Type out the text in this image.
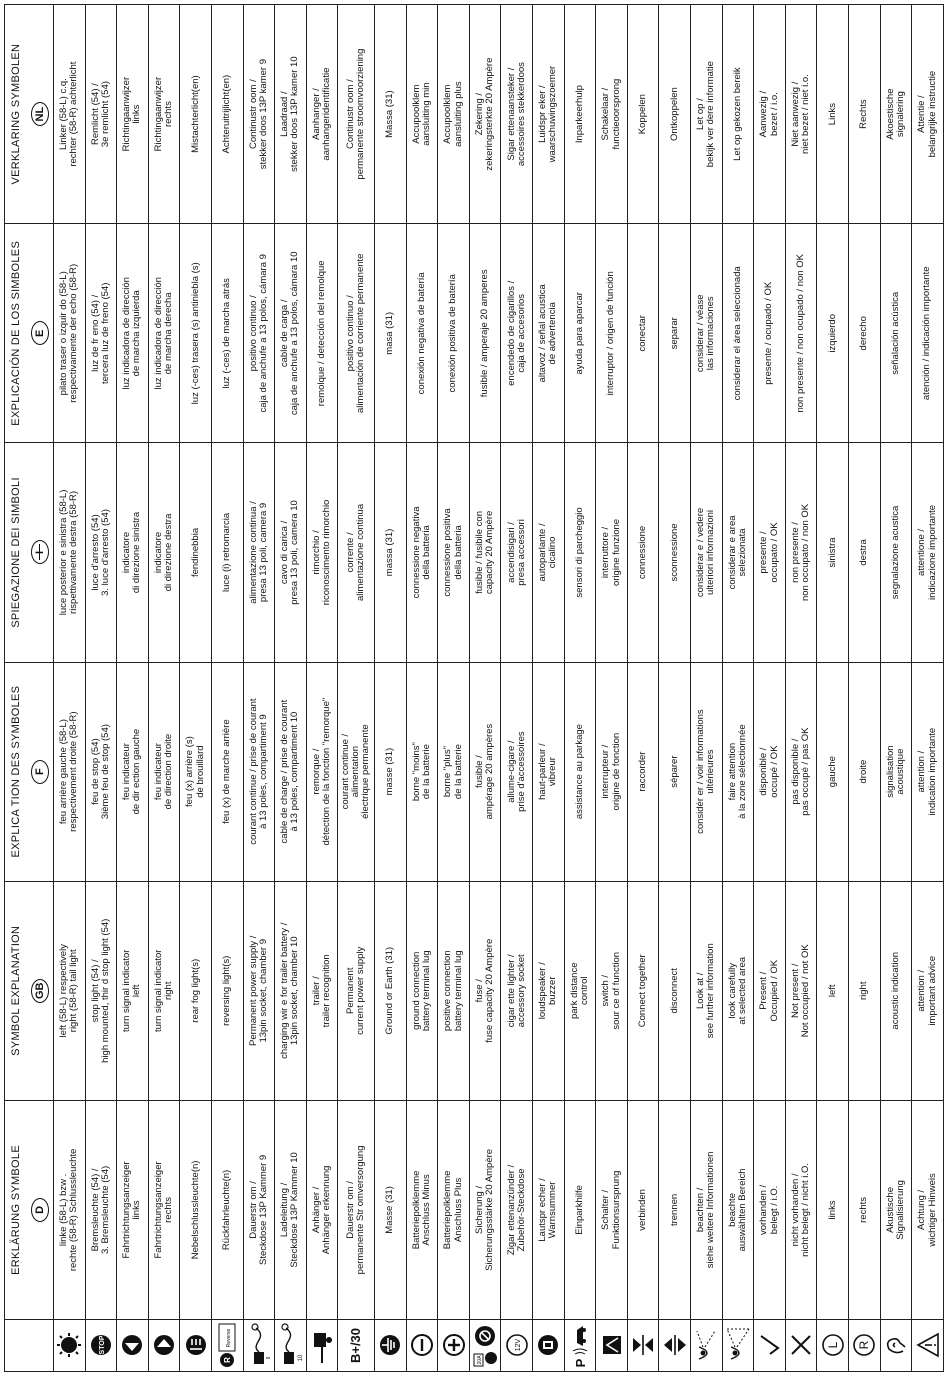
	ERKLÄRUNG SYMBOLE	SYMBOL EXPLANATION	EXPLICA TION DES SYMBOLES	SPIEGAZIONE DEI SIMBOLI	EXPLICACIÓN DE LOS SIMBOLES	VERKLARING SYMBOLEN
	D	GB	F	I	E	NL

	linke (58-L) bzw .
rechte (58-R) Schlussleuchte	left (58-L) respectively
right (58-R) tail light	feu arrière gauche (58-L)
respectivement droite (58-R)	luce posterior e sinistra (58-L)
rispettivamente destra (58-R)	pilato traser o izquir do (58-L)
respectivamente der echo (58-R)	Linker (58-L) c.q.
rechter (58-R) achterlicht

STOP	Bremsleuchte (54) /
3. Bremsleuchte (54)	stop light (54) /
high mounted, thir d stop light (54)	feu de stop (54)
3ième feu de stop (54)	luce d'arresto (54)
3. luce d'arresto (54)	luz de fr eno (54) /
tercera luz de freno (54)	Remlicht (54) /
3e remlicht (54)

	Fahrtrichtungsanzeiger
links	turn signal indicator
left	feu indicateur
de dir ection gauche	indicatore
di direzione sinistra	luz indicadora de dirección
de marcha izquierda	Richtingaanwijzer
links

	Fahrtrichtungsanzeiger
rechts	turn signal indicator
right	feu indicateur
de direction droite	indicatore
di direzione destra	luz indicadora de dirección
de marcha derecha	Richtingaanwijzer
rechts

	Nebelschlussleuchte(n)	rear fog light(s)	feu (x) arrière (s)
de brouillard	fendinebbia	luz (-ces) trasera (s) antiniebla (s)	Mistachterlicht(en)

R
Reverse	Rückfahrleuchte(n)	reversing light(s)	feu (x) de marche arrière	luce (i) retromarcia	luz (-ces) de marcha atrás	Achteruitrijlicht(en)

9	Dauerstr om /
Steckdose 13P Kammer 9	Permanent power supply /
13pin socket, chamber 9	courant continue / prise de courant
à 13 poles, compartiment 9	alimentazione continua /
presa 13 poli, camera 9	positivo continuo /
caja de anchufe a 13 polos, cámara 9	Continustr oom /
stekker doos 13P kamer 9

10	Ladeleitung /
Steckdose 13P Kammer 10	charging wir e for trailer battery /
13pin socket, chamber 10	cable de charge / prise de courant
à 13 poles, compartiment 10	cavo di carica /
presa 13 poli, camera 10	cable de carga /
caja de anchufe a 13 polos, cámara 10	Laadraad /
stekker doos 13P kamer 10

	Anhänger /
Anhänger erkennung	trailer /
trailer recognition	remorque /
détection de la fonction "remorque"	rimorchio /
riconoscimento rimorchio	remolque / detección del remolque	Aanhanger /
aanhangeridentificatie
B+/30	Dauerstr om /
permanente Str omversorgung	Permanent
current power supply	courant continue /
alimentation
électrique permanente	corrente /
alimentazione continua	positivo continuo /
alimentación de corriente permanente	Continustr oom /
permanente stroomvoorziening

	Masse (31)	Ground or Earth (31)	masse (31)	massa (31)	masa (31)	Massa (31)

	Batteriepolklemme
Anschluss Minus	ground connection
battery terminal lug	borne "moins"
de la batterie	connessione negativa
della batteria	conexión negativa de batería	Accupoolklem
aansluiting min

	Batteriepolklemme
Anschluss Plus	positive connection
battery terminal lug	borne "plus"
de la batterie	connessione positiva
della batteria	conexión positiva de batería	Accupoolklem
aansluiting plus

20A	Sicherung /
Sicherungsstärke 20 Ampère	fuse /
fuse capacity 20 Ampère	fusible /
ampérage 20 ampères	fusible / fusibile con
capacity 20 Ampère	fusible / amperaje 20 amperes	Zekering /
zekeringsterkte 20 Ampère

12V	Zigar ettenanzünder /
Zubehör-Steckdose	cigar ette lighter /
accessory socket	allume-cigare /
prise d'accessoires	accendisigari /
presa accessori	encendedo de cigarillos /
caja de accesorios	Sigar ettenaansteker /
accessoires stekkerdoos

	Lautspr echer /
Warnsummer	loudspeaker /
buzzer	haut-parleur /
vibreur	autoparlante /
cicalino	altavoz / señal acustica
de advertencia	Luidspr eker /
waarschuwingszoemer

P	Einparkhilfe	park distance
control	assistance au parkage	sensori di parcheggio	ayuda para aparcar	Inparkeerhulp

	Schalter /
Funktionsursprung	switch /
sour ce of function	interrupteur /
origine de fonction	interruttore /
origine funzione	interruptor / origen de función	Schakelaar /
functieoorsprong

	verbinden	Connect together	raccorder	connessione	conectar	Koppelen

	trennen	disconnect	séparer	sconnessione	separar	Ontkoppelen

	beachten /
siehe weitere Informationen	Look at /
see further information	considér er / voir informations
ultérieures	considerar e / vedere
ulteriori informazioni	considerar / véase
las informaciones	Let op /
bekijk ver dere informatie

	beachte
auswählten Bereich	look carefully
at selected area	faire attention
à la zone sélectionnée	considerar e area
selezionata	considerar el área seleccionada	Let op gekozen bereik

	vorhanden /
belegt / i.O.	Present /
Occupied / OK	disponible /
occupé / OK	presente /
occupato / OK	presente / ocupado / OK	Aanwezig /
bezet / i.o.

	nicht vorhanden /
nicht belegt / nicht i.O.	Not present /
Not occupied / not OK	pas disponible /
pas occupé / pas OK	non presente /
non occupato / non OK	non presente / non ocupado / non OK	Niet aanwezig /
niet bezet / niet i.o.

L	links	left	gauche	sinistra	izquierdo	Links

R	rechts	right	droite	destra	derecho	Rechts

	Akustische
Signalisierung	acoustic indication	signalisation
acoustique	segnalazione acustica	señalación acústica	Akoestische
signalering

	Achtung /
wichtiger Hinweis	attention /
important advice	attention /
indication importante	attentione /
indicazione importante	atención / indicación importante	Attentie /
belangrijke instructie
